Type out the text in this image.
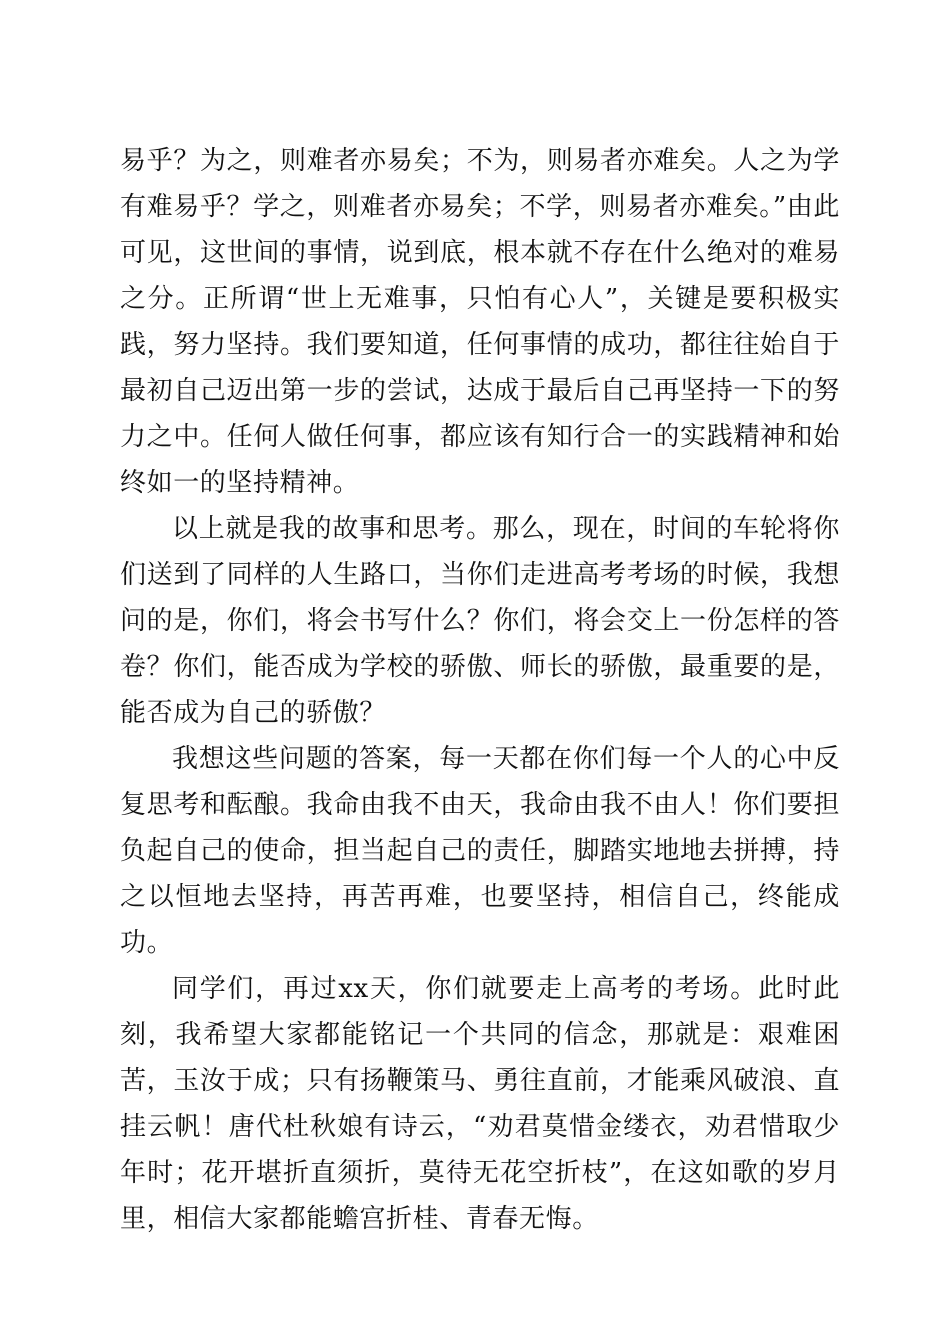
易乎？为之，则难者亦易矣；不为，则易者亦难矣。人之为学有难易乎？学之，则难者亦易矣；不学，则易者亦难矣。”由此可见，这世间的事情，说到底，根本就不存在什么绝对的难易之分。正所谓“世上无难事，只怕有心人”，关键是要积极实践，努力坚持。我们要知道，任何事情的成功，都往往始自于最初自己迈出第一步的尝试，达成于最后自己再坚持一下的努力之中。任何人做任何事，都应该有知行合一的实践精神和始终如一的坚持精神。

以上就是我的故事和思考。那么，现在，时间的车轮将你们送到了同样的人生路口，当你们走进高考考场的时候，我想问的是，你们，将会书写什么？你们，将会交上一份怎样的答卷？你们，能否成为学校的骄傲、师长的骄傲，最重要的是，能否成为自己的骄傲？

我想这些问题的答案，每一天都在你们每一个人的心中反复思考和酝酿。我命由我不由天，我命由我不由人！你们要担负起自己的使命，担当起自己的责任，脚踏实地地去拼搏，持之以恒地去坚持，再苦再难，也要坚持，相信自己，终能成功。

同学们，再过xx天，你们就要走上高考的考场。此时此刻，我希望大家都能铭记一个共同的信念，那就是：艰难困苦，玉汝于成；只有扬鞭策马、勇往直前，才能乘风破浪、直挂云帆！唐代杜秋娘有诗云，“劝君莫惜金缕衣，劝君惜取少年时；花开堪折直须折，莫待无花空折枝”，在这如歌的岁月里，相信大家都能蟾宫折桂、青春无悔。
